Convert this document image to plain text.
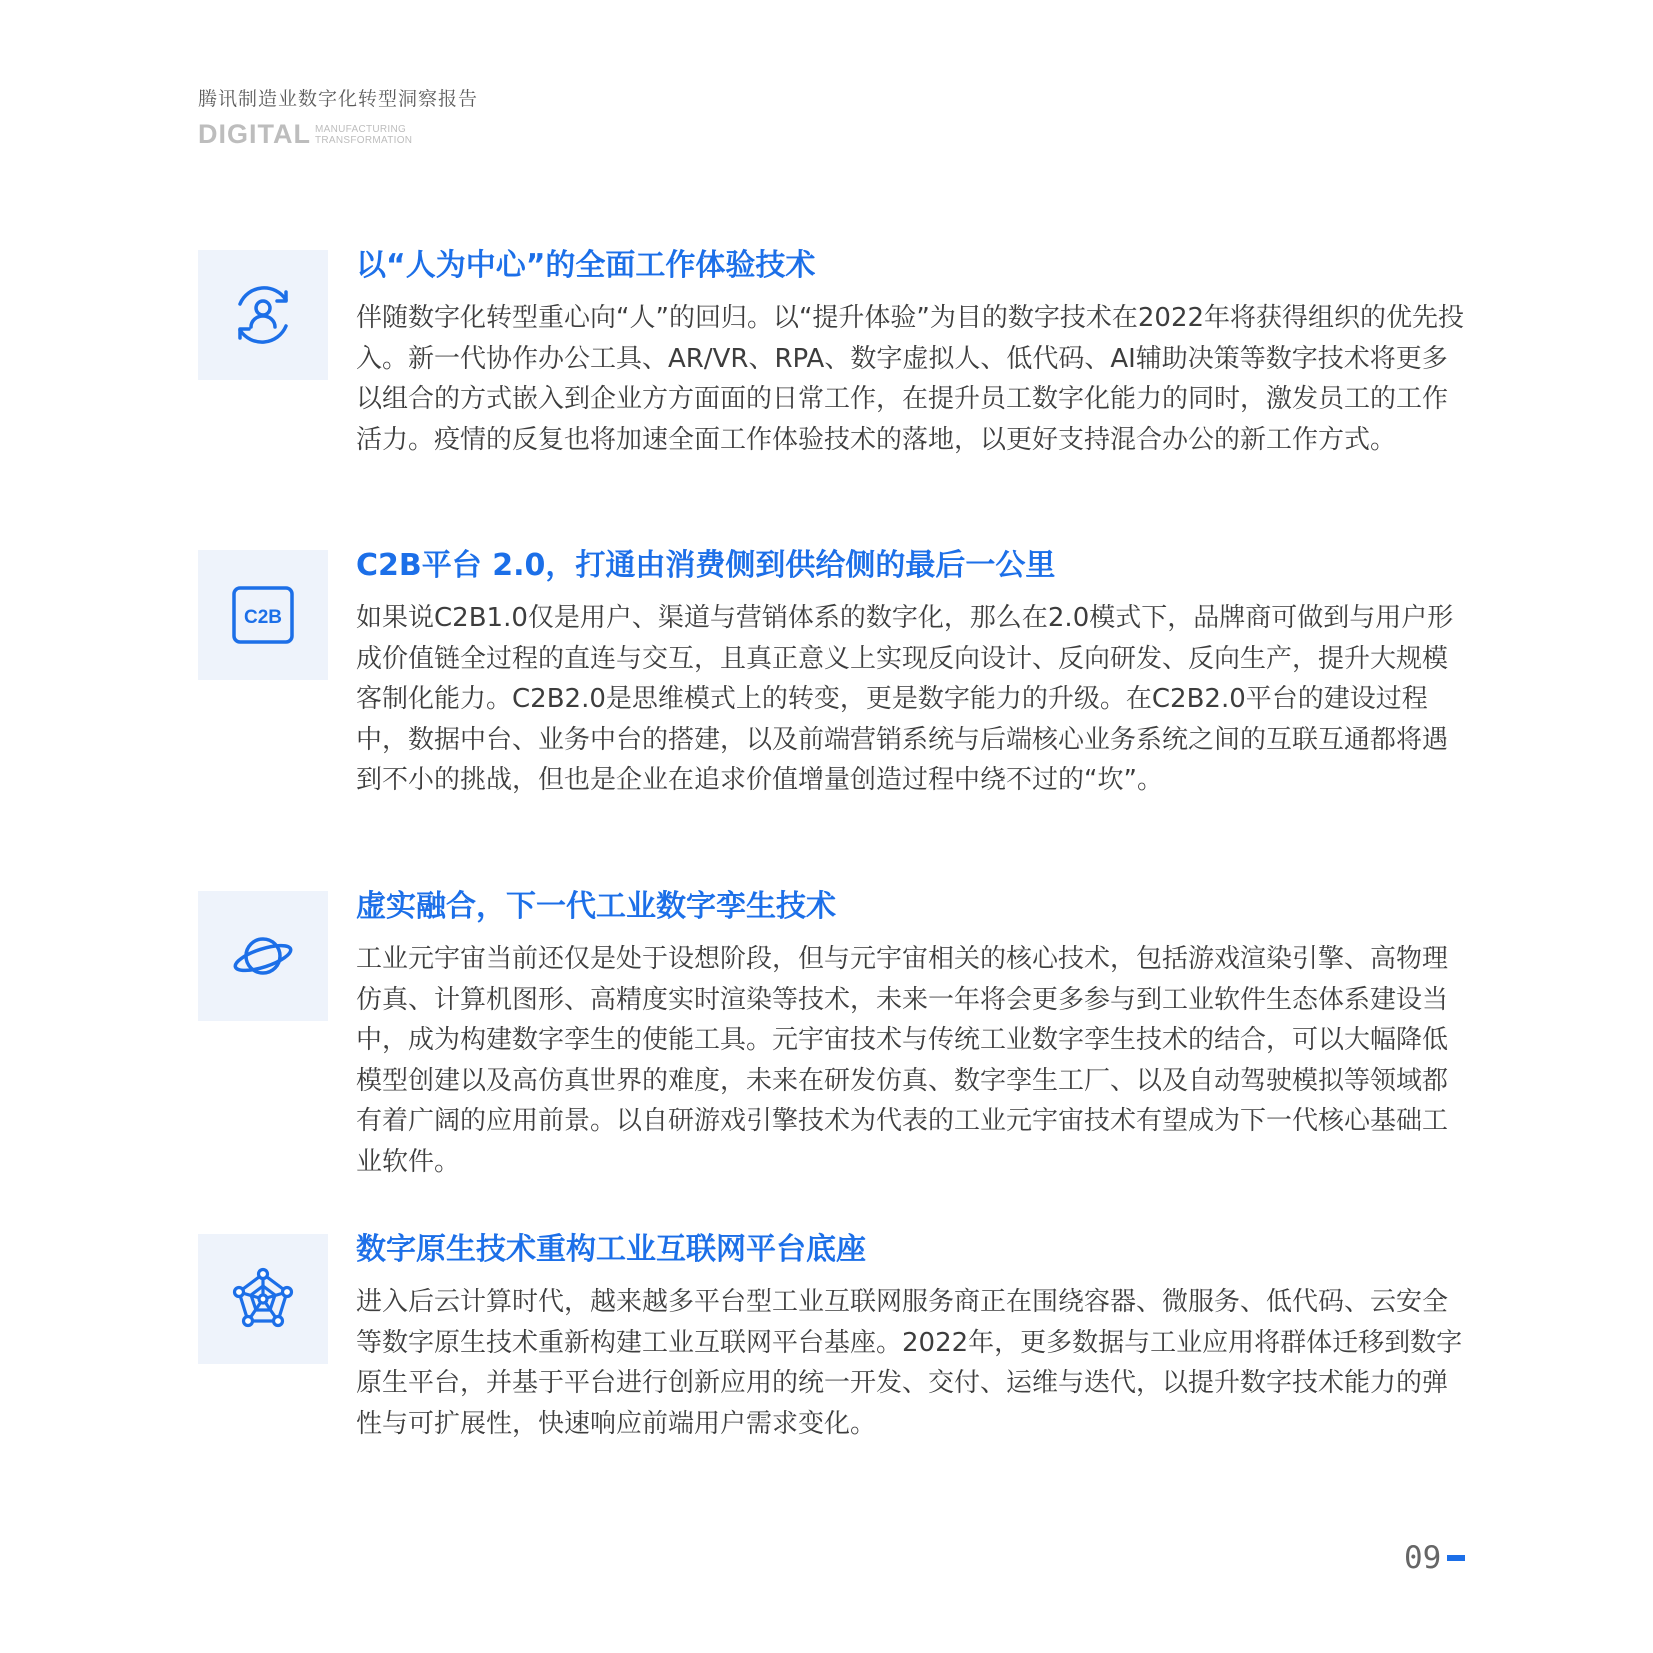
腾讯制造业数字化转型洞察报告
DIGITAL MANUFACTURING
TRANSFORMATION
以“人为中心”的全面工作体验技术
伴随数字化转型重心向“人”的回归。以“提升体验”为目的数字技术在2022年将获得组织的优先投入。新一代协作办公工具、AR/VR、RPA、数字虚拟人、低代码、AI辅助决策等数字技术将更多以组合的方式嵌入到企业方方面面的日常工作，在提升员工数字化能力的同时，激发员工的工作活力。疫情的反复也将加速全面工作体验技术的落地，以更好支持混合办公的新工作方式。
C2B
C2B平台 2.0，打通由消费侧到供给侧的最后一公里
如果说C2B1.0仅是用户、渠道与营销体系的数字化，那么在2.0模式下，品牌商可做到与用户形成价值链全过程的直连与交互，且真正意义上实现反向设计、反向研发、反向生产，提升大规模客制化能力。C2B2.0是思维模式上的转变，更是数字能力的升级。在C2B2.0平台的建设过程中，数据中台、业务中台的搭建，以及前端营销系统与后端核心业务系统之间的互联互通都将遇到不小的挑战，但也是企业在追求价值增量创造过程中绕不过的“坎”。
虚实融合，下一代工业数字孪生技术
工业元宇宙当前还仅是处于设想阶段，但与元宇宙相关的核心技术，包括游戏渲染引擎、高物理仿真、计算机图形、高精度实时渲染等技术，未来一年将会更多参与到工业软件生态体系建设当中，成为构建数字孪生的使能工具。元宇宙技术与传统工业数字孪生技术的结合，可以大幅降低模型创建以及高仿真世界的难度，未来在研发仿真、数字孪生工厂、以及自动驾驶模拟等领域都有着广阔的应用前景。以自研游戏引擎技术为代表的工业元宇宙技术有望成为下一代核心基础工业软件。
数字原生技术重构工业互联网平台底座
进入后云计算时代，越来越多平台型工业互联网服务商正在围绕容器、微服务、低代码、云安全等数字原生技术重新构建工业互联网平台基座。2022年，更多数据与工业应用将群体迁移到数字原生平台，并基于平台进行创新应用的统一开发、交付、运维与迭代，以提升数字技术能力的弹性与可扩展性，快速响应前端用户需求变化。
09
